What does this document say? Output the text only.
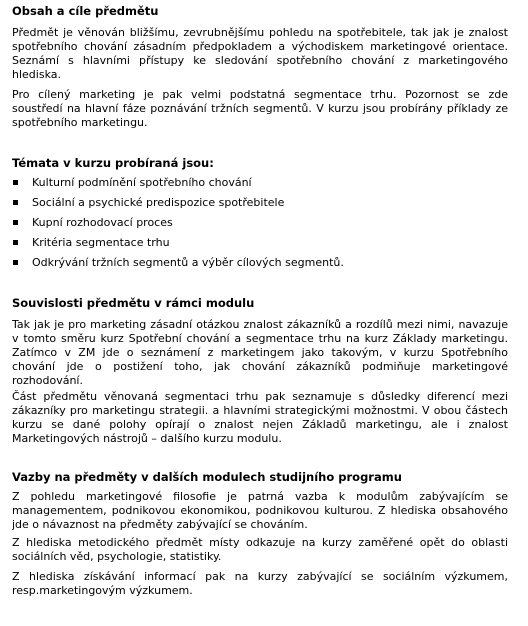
Obsah a cíle předmětu
Předmět je věnován bližšímu, zevrubnějšímu pohledu na spotřebitele, tak jak je znalost
spotřebního chování zásadním předpokladem a východiskem marketingové orientace.
Seznámí s hlavními přístupy ke sledování spotřebního chování z marketingového
hlediska.
Pro cílený marketing je pak velmi podstatná segmentace trhu. Pozornost se zde
soustředí na hlavní fáze poznávání tržních segmentů. V kurzu jsou probírány příklady ze
spotřebního marketingu.
Témata v kurzu probíraná jsou:
Kulturní podmínění spotřebního chování
Sociální a psychické predispozice spotřebitele
Kupní rozhodovací proces
Kritéria segmentace trhu
Odkrývání tržních segmentů a výběr cílových segmentů.
Souvislosti předmětu v rámci modulu
Tak jak je pro marketing zásadní otázkou znalost zákazníků a rozdílů mezi nimi, navazuje
v tomto směru kurz Spotřební chování a segmentace trhu na kurz Základy marketingu.
Zatímco v ZM jde o seznámení z marketingem jako takovým, v kurzu Spotřebního
chování jde o postižení toho, jak chování zákazníků podmiňuje marketingové
rozhodování.
Část předmětu věnovaná segmentaci trhu pak seznamuje s důsledky diferencí mezi
zákazníky pro marketingu strategii. a hlavními strategickými možnostmi. V obou částech
kurzu se dané polohy opírají o znalost nejen Základů marketingu, ale i znalost
Marketingových nástrojů – dalšího kurzu modulu.
Vazby na předměty v dalších modulech studijního programu
Z pohledu marketingové filosofie je patrná vazba k modulům zabývajícím se
managementem, podnikovou ekonomikou, podnikovou kulturou. Z hlediska obsahového
jde o návaznost na předměty zabývající se chováním.
Z hlediska metodického předmět místy odkazuje na kurzy zaměřené opět do oblasti
sociálních věd, psychologie, statistiky.
Z hlediska získávání informací pak na kurzy zabývající se sociálním výzkumem,
resp.marketingovým výzkumem.
